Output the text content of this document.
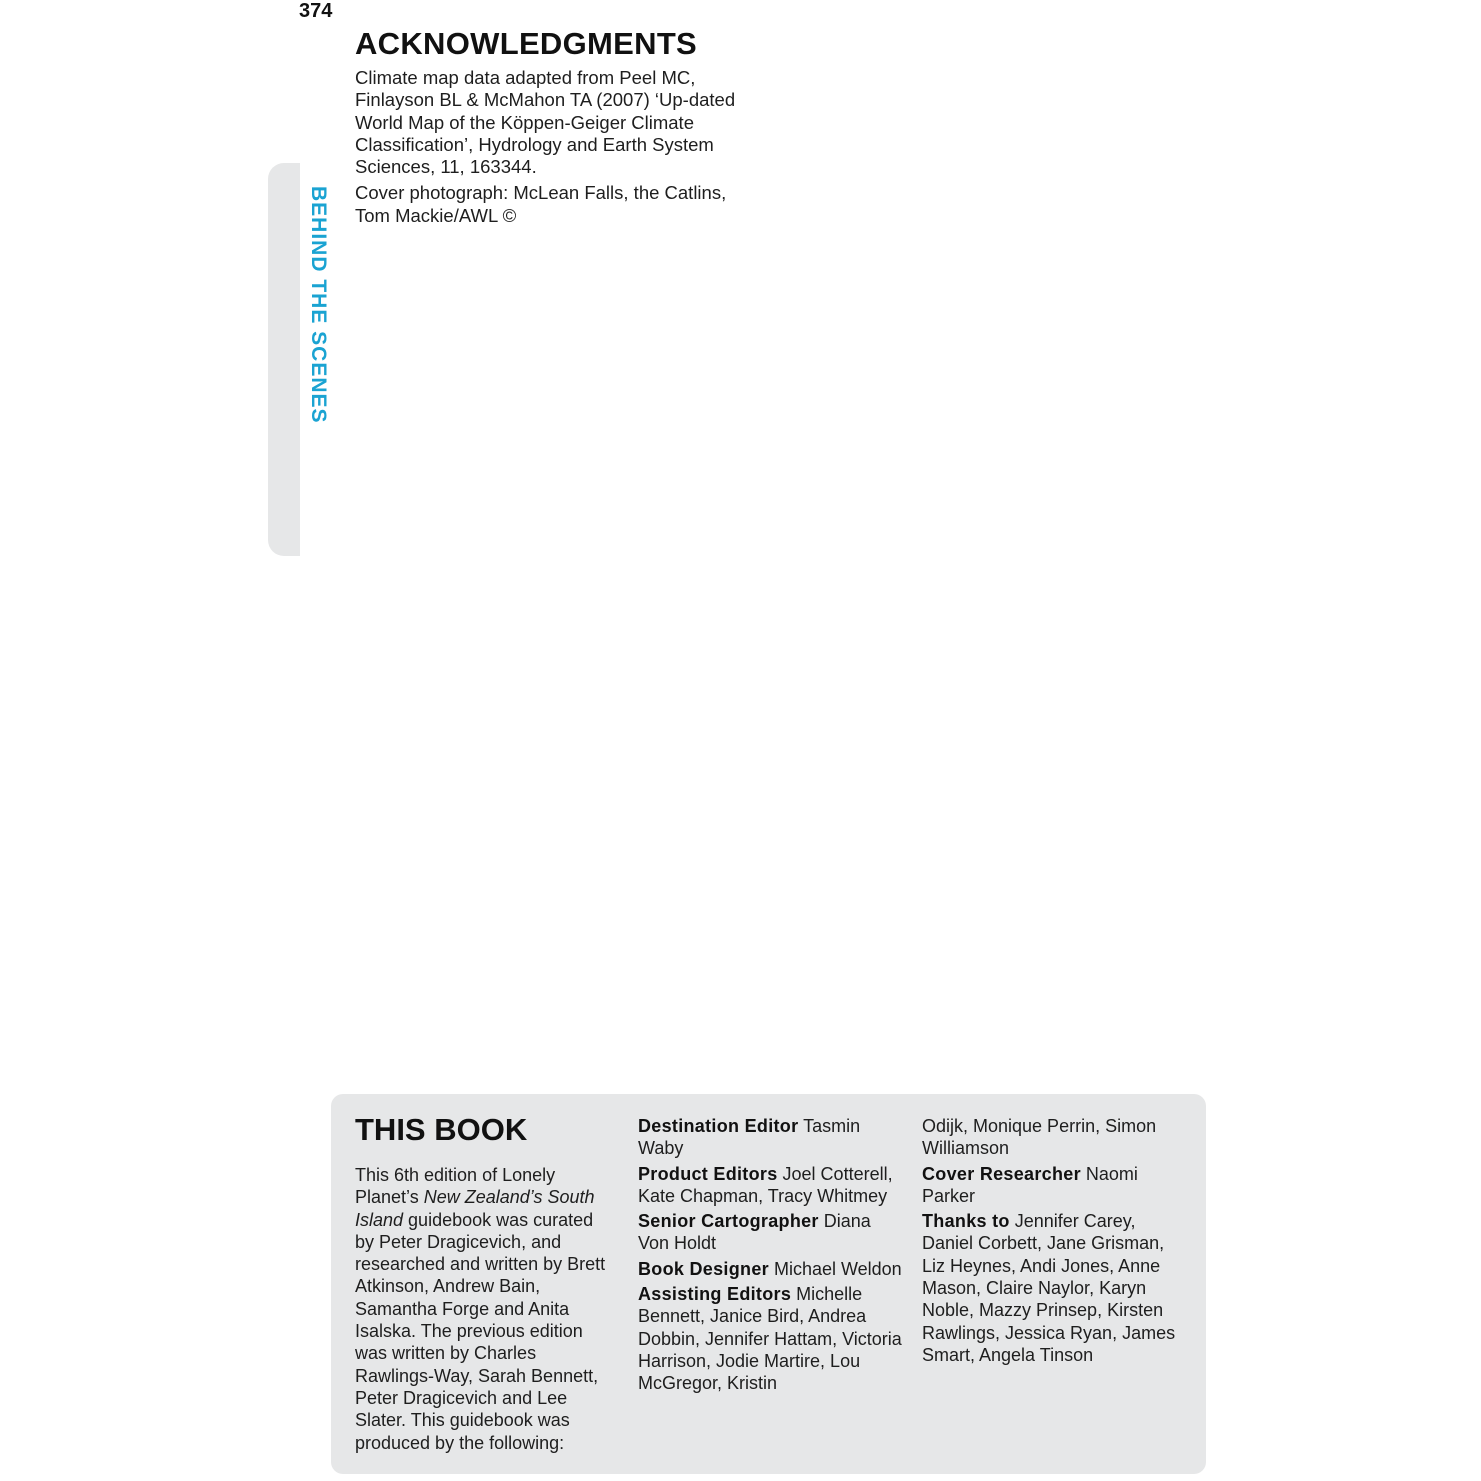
374
BEHIND THE SCENES
ACKNOWLEDGMENTS

Climate map data adapted from Peel MC, Finlayson BL & McMahon TA (2007) ‘Up-dated World Map of the Köppen-Geiger Climate Classification’, Hydrology and Earth System Sciences, 11, 163344.

Cover photograph: McLean Falls, the Catlins, Tom Mackie/AWL ©

THIS BOOK
This 6th edition of Lonely Planet’s New Zealand’s South Island guidebook was curated by Peter Dragicevich, and researched and written by Brett Atkinson, Andrew Bain, Samantha Forge and Anita Isalska. The previous edition was written by Charles Rawlings-Way, Sarah Bennett, Peter Dragicevich and Lee Slater. This guidebook was produced by the following:

Destination Editor Tasmin Waby

Product Editors Joel Cotterell, Kate Chapman, Tracy Whitmey

Senior Cartographer Diana Von Holdt

Book Designer Michael Weldon

Assisting Editors Michelle Bennett, Janice Bird, Andrea Dobbin, Jennifer Hattam, Victoria Harrison, Jodie Martire, Lou McGregor, Kristin

Odijk, Monique Perrin, Simon Williamson

Cover Researcher Naomi Parker

Thanks to Jennifer Carey, Daniel Corbett, Jane Grisman, Liz Heynes, Andi Jones, Anne Mason, Claire Naylor, Karyn Noble, Mazzy Prinsep, Kirsten Rawlings, Jessica Ryan, James Smart, Angela Tinson
